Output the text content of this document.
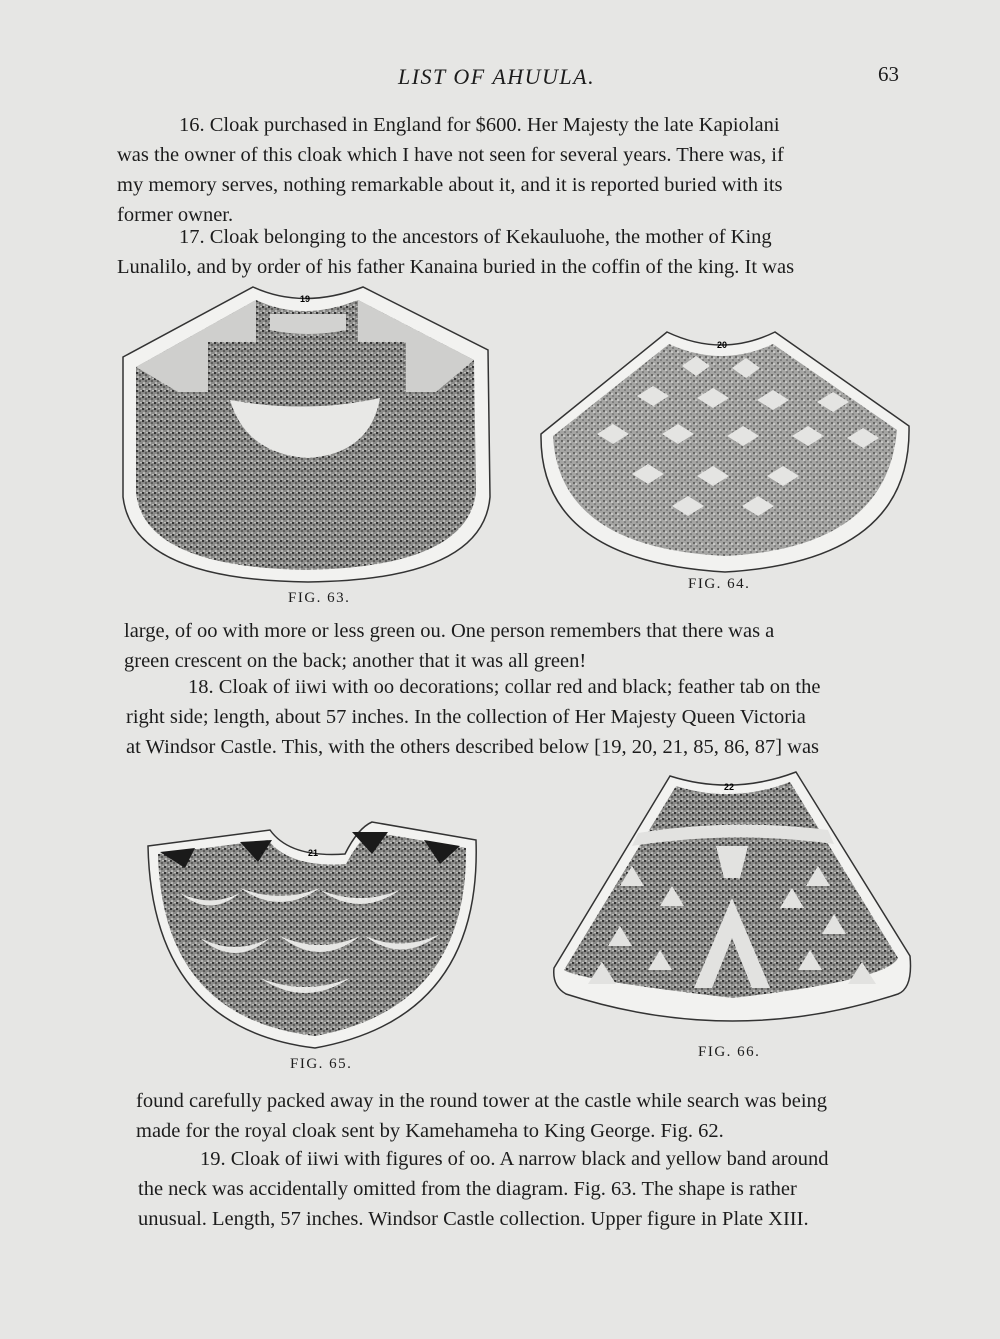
LIST OF AHUULA.	63

16. Cloak purchased in England for $600. Her Majesty the late Kapiolani
was the owner of this cloak which I have not seen for several years. There was, if
my memory serves, nothing remarkable about it, and it is reported buried with its
former owner.

17. Cloak belonging to the ancestors of Kekauluohe, the mother of King
Lunalilo, and by order of his father Kanaina buried in the coffin of the king. It was

19
FIG. 63.
20
FIG. 64.

large, of oo with more or less green ou. One person remembers that there was a
green crescent on the back; another that it was all green!

18. Cloak of iiwi with oo decorations; collar red and black; feather tab on the
right side; length, about 57 inches. In the collection of Her Majesty Queen Victoria
at Windsor Castle. This, with the others described below [19, 20, 21, 85, 86, 87] was

21
FIG. 65.
22
FIG. 66.

found carefully packed away in the round tower at the castle while search was being
made for the royal cloak sent by Kamehameha to King George. Fig. 62.

19. Cloak of iiwi with figures of oo. A narrow black and yellow band around
the neck was accidentally omitted from the diagram. Fig. 63. The shape is rather
unusual. Length, 57 inches. Windsor Castle collection. Upper figure in Plate XIII.
